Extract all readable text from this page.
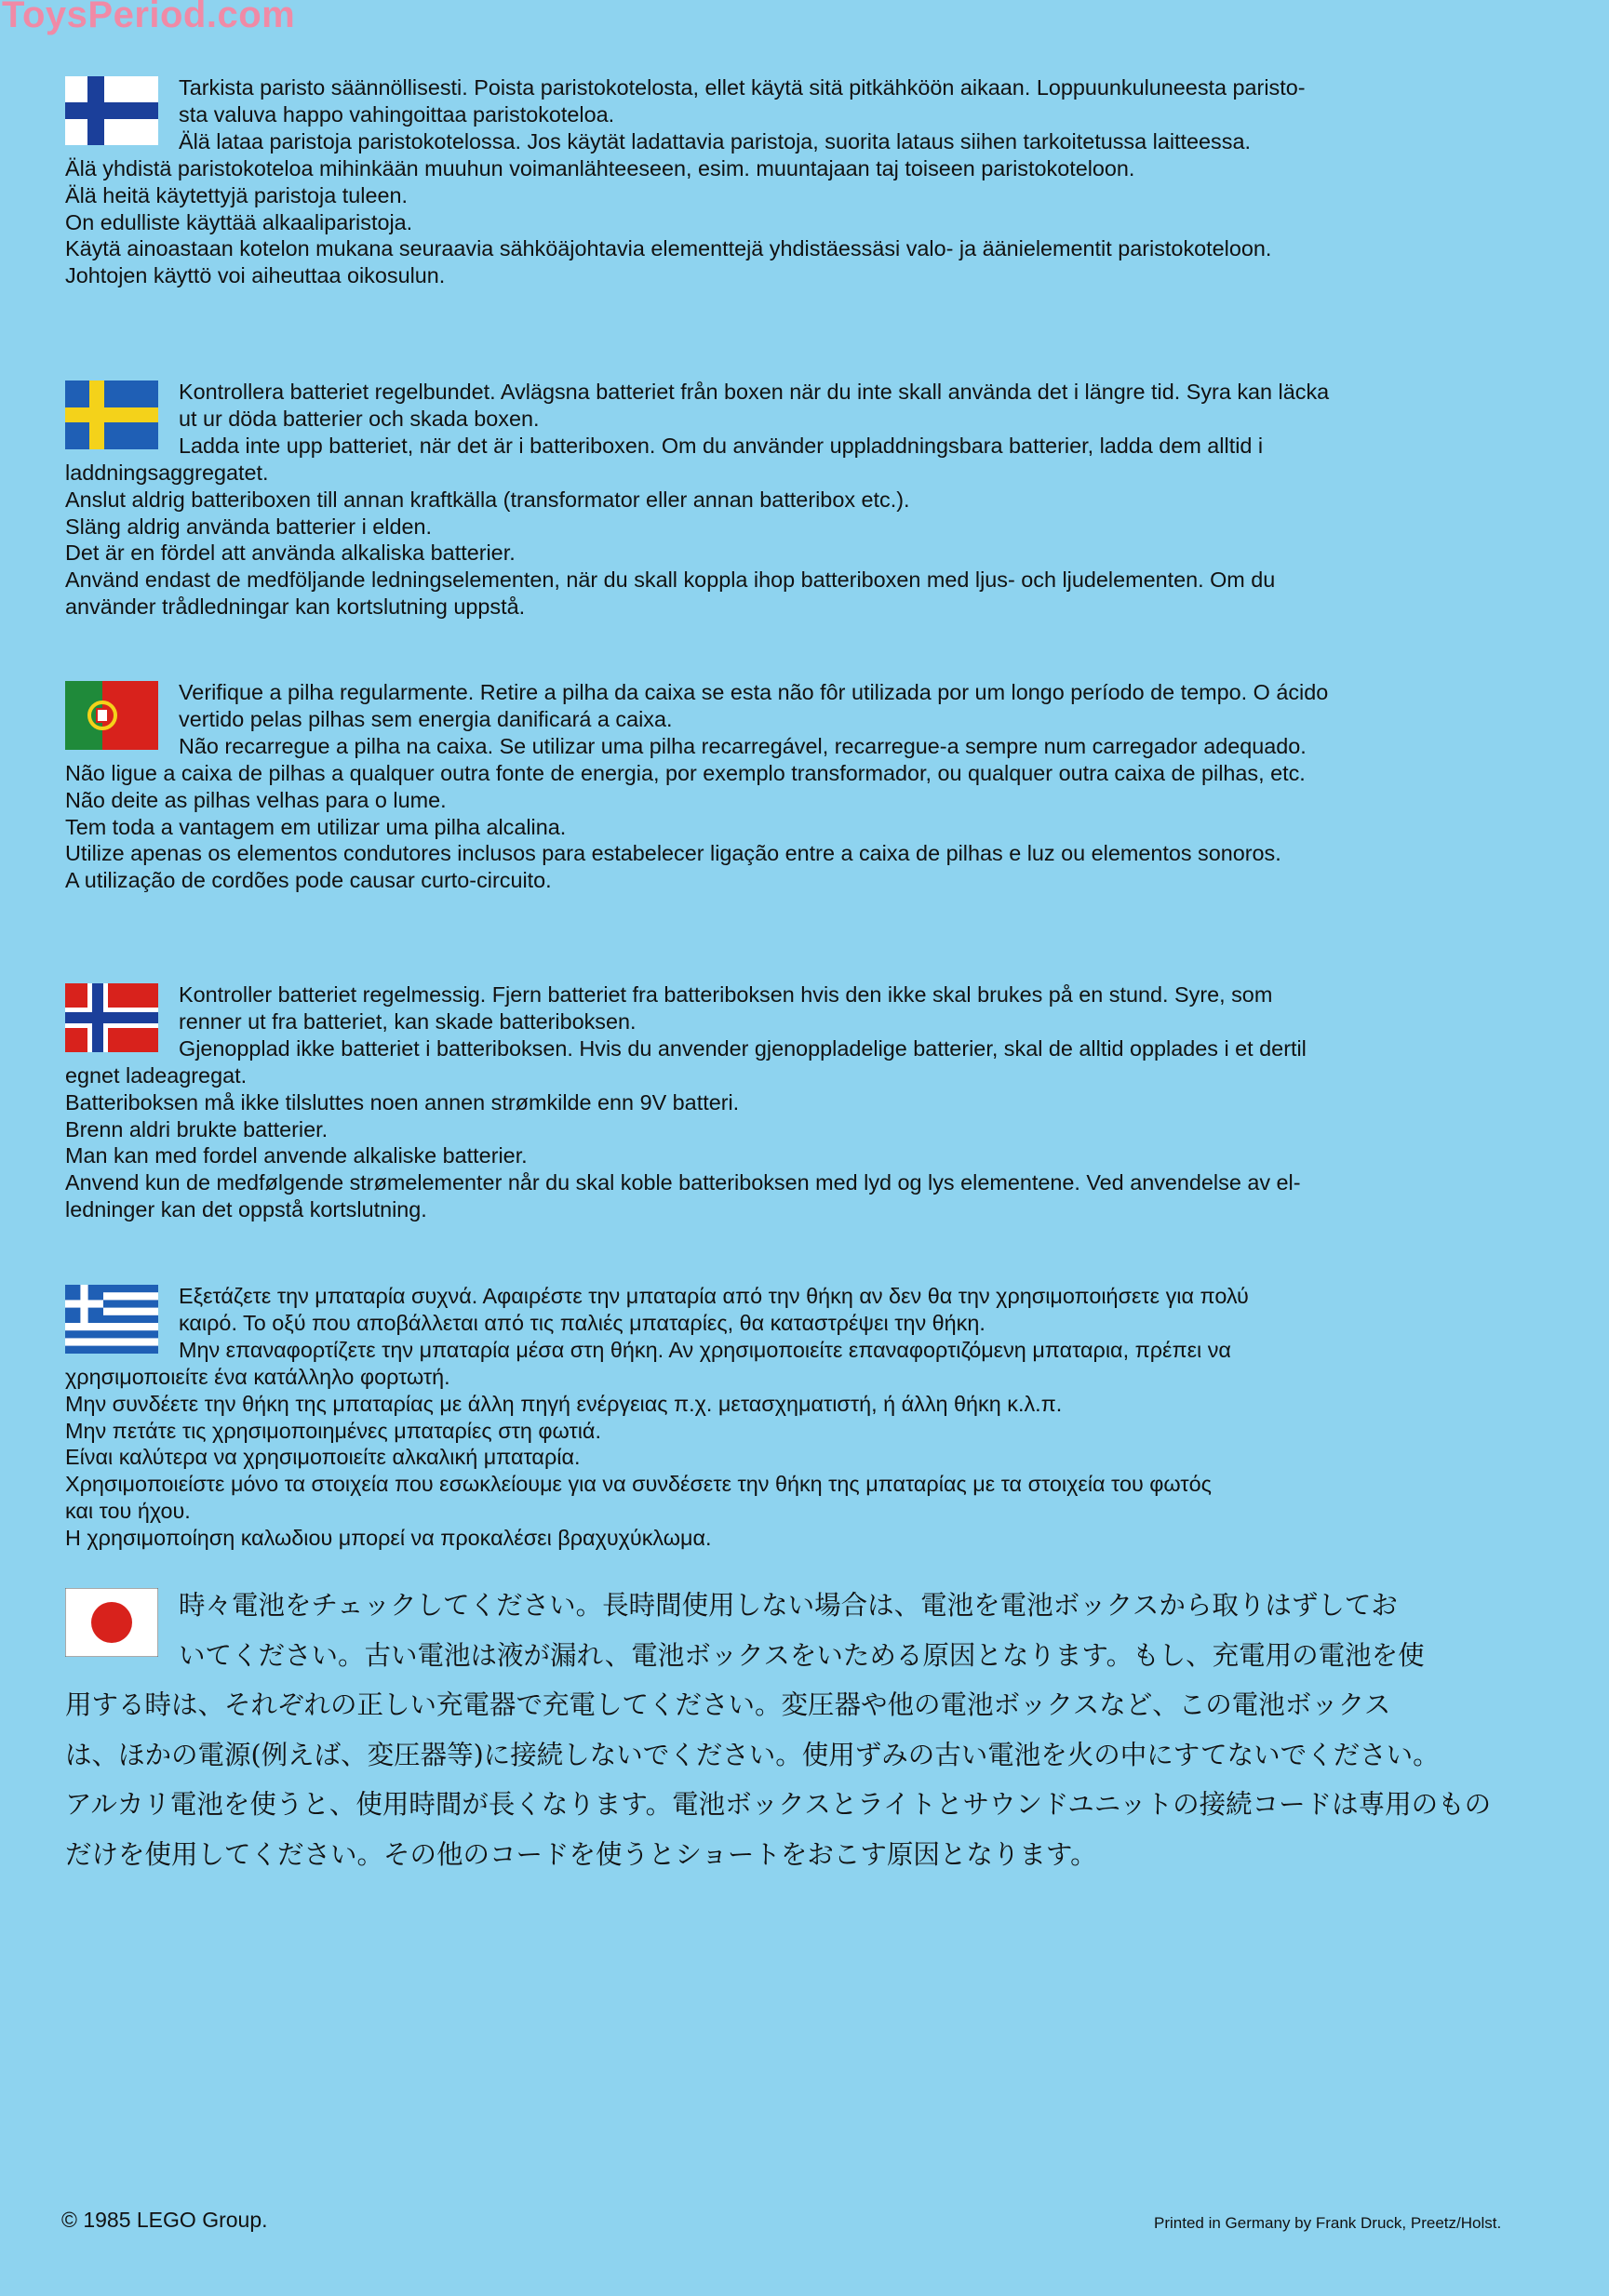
ToysPeriod.com
Tarkista paristo säännöllisesti. Poista paristokotelosta, ellet käytä sitä pitkähköön aikaan. Loppuunkuluneesta paristo-
sta valuva happo vahingoittaa paristokoteloa.
Älä lataa paristoja paristokotelossa. Jos käytät ladattavia paristoja, suorita lataus siihen tarkoitetussa laitteessa.
Älä yhdistä paristokoteloa mihinkään muuhun voimanlähteeseen, esim. muuntajaan taj toiseen paristokoteloon.
Älä heitä käytettyjä paristoja tuleen.
On edulliste käyttää alkaaliparistoja.
Käytä ainoastaan kotelon mukana seuraavia sähköäjohtavia elementtejä yhdistäessäsi valo- ja äänielementit paristokoteloon.
Johtojen käyttö voi aiheuttaa oikosulun.
Kontrollera batteriet regelbundet. Avlägsna batteriet från boxen när du inte skall använda det i längre tid. Syra kan läcka
ut ur döda batterier och skada boxen.
Ladda inte upp batteriet, när det är i batteriboxen. Om du använder uppladdningsbara batterier, ladda dem alltid i
laddningsaggregatet.
Anslut aldrig batteriboxen till annan kraftkälla (transformator eller annan batteribox etc.).
Släng aldrig använda batterier i elden.
Det är en fördel att använda alkaliska batterier.
Använd endast de medföljande ledningselementen, när du skall koppla ihop batteriboxen med ljus- och ljudelementen. Om du
använder trådledningar kan kortslutning uppstå.
Verifique a pilha regularmente. Retire a pilha da caixa se esta não fôr utilizada por um longo período de tempo. O ácido
vertido pelas pilhas sem energia danificará a caixa.
Não recarregue a pilha na caixa. Se utilizar uma pilha recarregável, recarregue-a sempre num carregador adequado.
Não ligue a caixa de pilhas a qualquer outra fonte de energia, por exemplo transformador, ou qualquer outra caixa de pilhas, etc.
Não deite as pilhas velhas para o lume.
Tem toda a vantagem em utilizar uma pilha alcalina.
Utilize apenas os elementos condutores inclusos para estabelecer ligação entre a caixa de pilhas e luz ou elementos sonoros.
A utilização de cordões pode causar curto-circuito.
Kontroller batteriet regelmessig. Fjern batteriet fra batteriboksen hvis den ikke skal brukes på en stund. Syre, som
renner ut fra batteriet, kan skade batteriboksen.
Gjenopplad ikke batteriet i batteriboksen. Hvis du anvender gjenoppladelige batterier, skal de alltid opplades i et dertil
egnet ladeagregat.
Batteriboksen må ikke tilsluttes noen annen strømkilde enn 9V batteri.
Brenn aldri brukte batterier.
Man kan med fordel anvende alkaliske batterier.
Anvend kun de medfølgende strømelementer når du skal koble batteriboksen med lyd og lys elementene. Ved anvendelse av el-
ledninger kan det oppstå kortslutning.
Εξετάζετε την μπαταρία συχνά. Αφαιρέστε την μπαταρία από την θήκη αν δεν θα την χρησιμοποιήσετε για πολύ
καιρό. Το οξύ που αποβάλλεται από τις παλιές μπαταρίες, θα καταστρέψει την θήκη.
Μην επαναφορτίζετε την μπαταρία μέσα στη θήκη. Αν χρησιμοποιείτε επαναφορτιζόμενη μπαταρια, πρέπει να
χρησιμοποιείτε ένα κατάλληλο φορτωτή.
Μην συνδέετε την θήκη της μπαταρίας με άλλη πηγή ενέργειας π.χ. μετασχηματιστή, ή άλλη θήκη κ.λ.π.
Μην πετάτε τις χρησιμοποιημένες μπαταρίες στη φωτιά.
Είναι καλύτερα να χρησιμοποιείτε αλκαλική μπαταρία.
Χρησιμοποιείστε μόνο τα στοιχεία που εσωκλείουμε για να συνδέσετε την θήκη της μπαταρίας με τα στοιχεία του φωτός
και του ήχου.
Η χρησιμοποίηση καλωδιου μπορεί να προκαλέσει βραχυχύκλωμα.
時々電池をチェックしてください。長時間使用しない場合は、電池を電池ボックスから取りはずしてお
いてください。古い電池は液が漏れ、電池ボックスをいためる原因となります。もし、充電用の電池を使
用する時は、それぞれの正しい充電器で充電してください。変圧器や他の電池ボックスなど、この電池ボックス
は、ほかの電源(例えば、変圧器等)に接続しないでください。使用ずみの古い電池を火の中にすてないでください。
アルカリ電池を使うと、使用時間が長くなります。電池ボックスとライトとサウンドユニットの接続コードは専用のもの
だけを使用してください。その他のコードを使うとショートをおこす原因となります。
© 1985 LEGO Group.	Printed in Germany by Frank Druck, Preetz/Holst.
